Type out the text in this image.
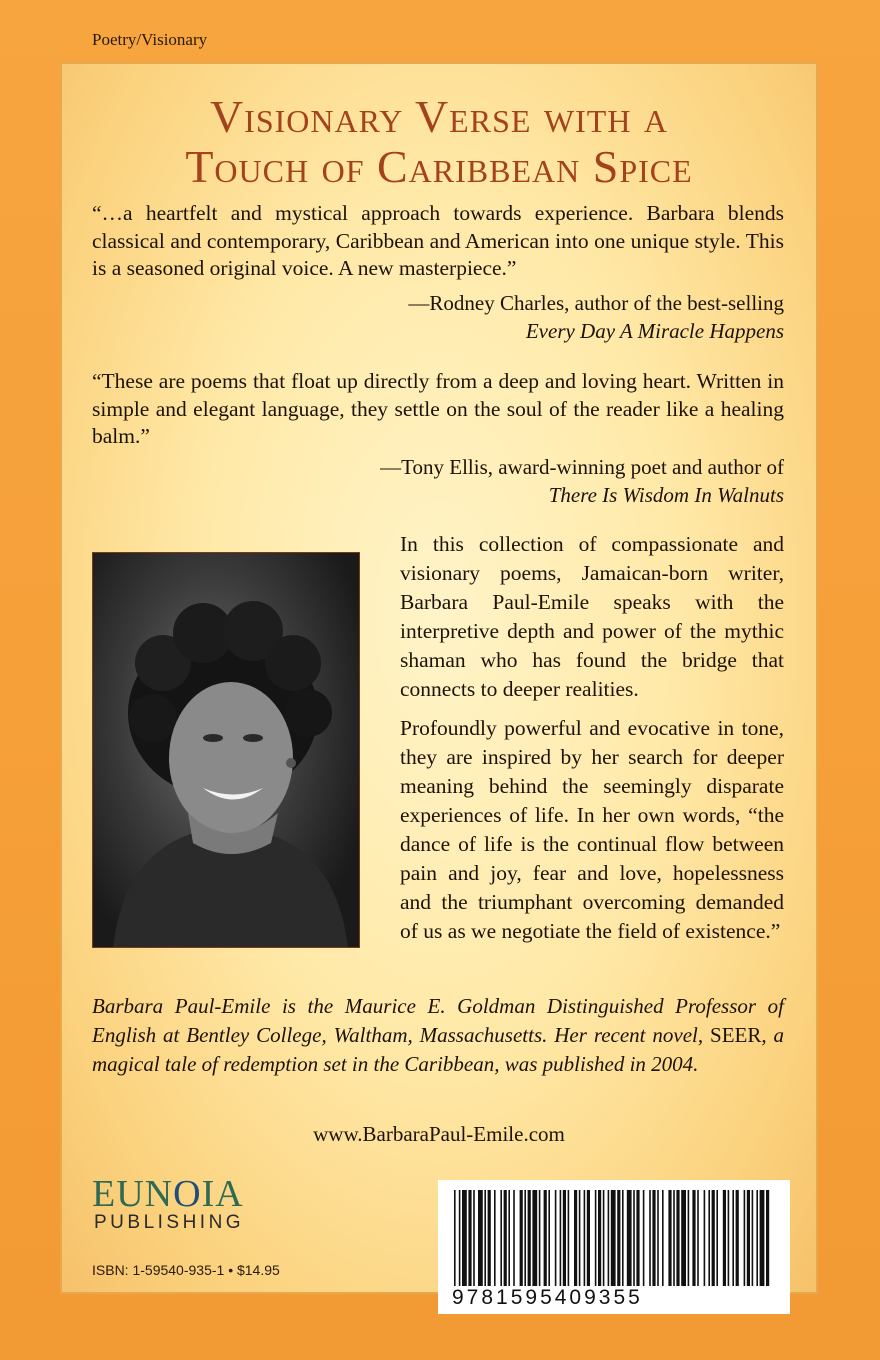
Poetry/Visionary
Visionary Verse with a
Touch of Caribbean Spice
“…a heartfelt and mystical approach towards experience. Barbara blends classical and contemporary, Caribbean and American into one unique style. This is a seasoned original voice. A new masterpiece.”
—Rodney Charles, author of the best-selling
Every Day A Miracle Happens
“These are poems that float up directly from a deep and loving heart. Written in simple and elegant language, they settle on the soul of the reader like a healing balm.”
—Tony Ellis, award-winning poet and author of
There Is Wisdom In Walnuts
In this collection of compassionate and visionary poems, Jamaican-born writer, Barbara Paul-Emile speaks with the interpretive depth and power of the mythic shaman who has found the bridge that connects to deeper realities.
Profoundly powerful and evocative in tone, they are inspired by her search for deeper meaning behind the seemingly disparate experiences of life. In her own words, “the dance of life is the continual flow between pain and joy, fear and love, hopelessness and the triumphant overcoming demanded of us as we negotiate the field of existence.”
Barbara Paul-Emile is the Maurice E. Goldman Distinguished Professor of English at Bentley College, Waltham, Massachusetts. Her recent novel, SEER, a magical tale of redemption set in the Caribbean, was published in 2004.
www.BarbaraPaul-Emile.com
EUNOIA
PUBLISHING
ISBN: 1-59540-935-1 • $14.95
9781595409355
